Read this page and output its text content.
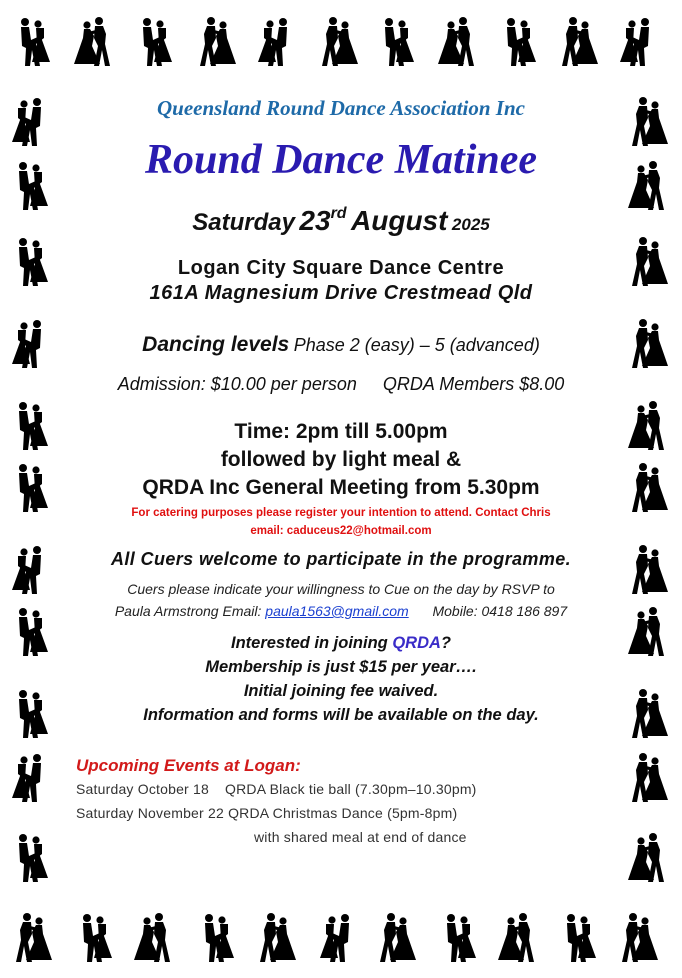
Queensland Round Dance Association Inc
Round Dance Matinee
Saturday 23rd August 2025
Logan City Square Dance Centre
161A Magnesium Drive Crestmead Qld
Dancing levels Phase 2 (easy) – 5 (advanced)
Admission: $10.00 per person QRDA Members $8.00
Time: 2pm till 5.00pm
followed by light meal &
QRDA Inc General Meeting from 5.30pm
For catering purposes please register your intention to attend. Contact Chris
email: caduceus22@hotmail.com
All Cuers welcome to participate in the programme.
Cuers please indicate your willingness to Cue on the day by RSVP to
Paula Armstrong Email: paula1563@gmail.com Mobile: 0418 186 897
Interested in joining QRDA?
Membership is just $15 per year….
Initial joining fee waived.
Information and forms will be available on the day.
Upcoming Events at Logan:
Saturday October 18 QRDA Black tie ball (7.30pm–10.30pm)
Saturday November 22 QRDA Christmas Dance (5pm-8pm)
with shared meal at end of dance
